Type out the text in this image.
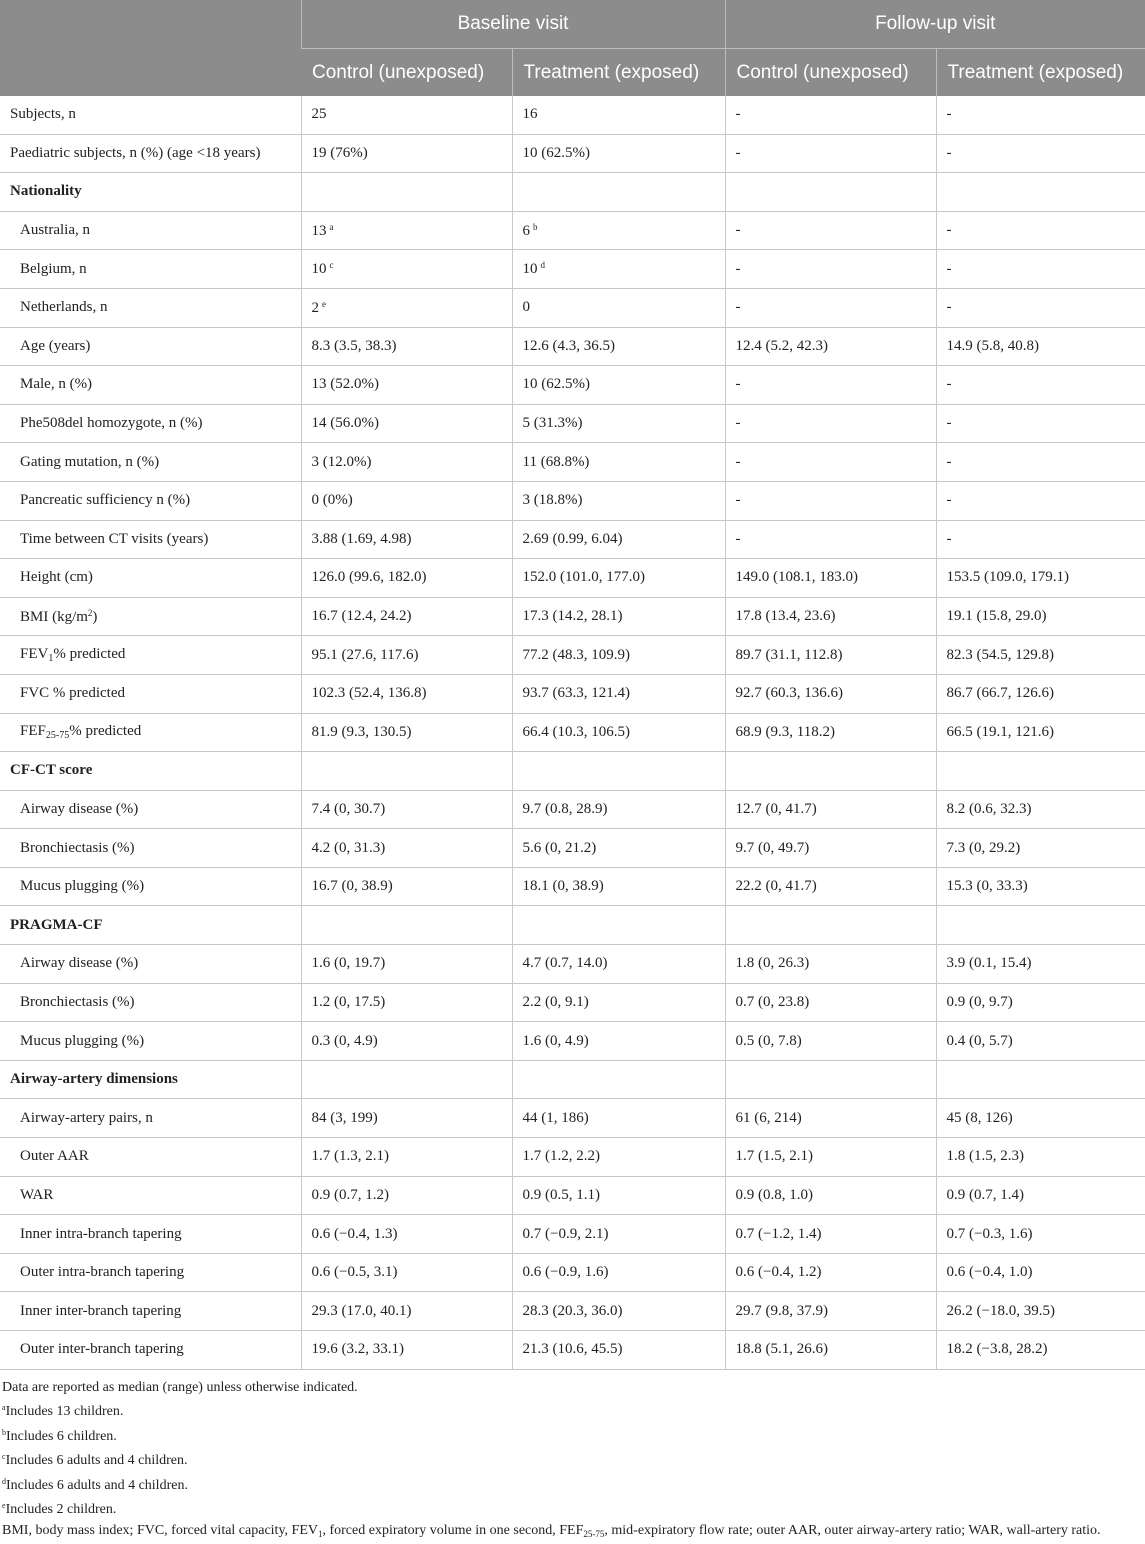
	Baseline visit		Follow-up visit	
	Control (unexposed)	Treatment (exposed)	Control (unexposed)	Treatment (exposed)
Subjects, n	25	16	-	-
Paediatric subjects, n (%) (age <18 years)	19 (76%)	10 (62.5%)	-	-
Nationality				
Australia, n	13 $^a$	6 $^b$	-	-
Belgium, n	10 $^c$	10 $^d$	-	-
Netherlands, n	2 $^e$	0	-	-
Age (years)	8.3 (3.5, 38.3)	12.6 (4.3, 36.5)	12.4 (5.2, 42.3)	14.9 (5.8, 40.8)
Male, n (%)	13 (52.0%)	10 (62.5%)	-	-
Phe508del homozygote, n (%)	14 (56.0%)	5 (31.3%)	-	-
Gating mutation, n (%)	3 (12.0%)	11 (68.8%)	-	-
Pancreatic sufficiency n (%)	0 (0%)	3 (18.8%)	-	-
Time between CT visits (years)	3.88 (1.69, 4.98)	2.69 (0.99, 6.04)	-	-
Height (cm)	126.0 (99.6, 182.0)	152.0 (101.0, 177.0)	149.0 (108.1, 183.0)	153.5 (109.0, 179.1)
BMI $(kg/m^2)$	16.7 (12.4, 24.2)	17.3 (14.2, 28.1)	17.8 (13.4, 23.6)	19.1 (15.8, 29.0)
$FEV_1\%$ predicted	95.1 (27.6, 117.6)	77.2 (48.3, 109.9)	89.7 (31.1, 112.8)	82.3 (54.5, 129.8)
FVC % predicted	102.3 (52.4, 136.8)	93.7 (63.3, 121.4)	92.7 (60.3, 136.6)	86.7 (66.7, 126.6)
$FEF_{25-75}\%$ predicted	81.9 (9.3, 130.5)	66.4 (10.3, 106.5)	68.9 (9.3, 118.2)	66.5 (19.1, 121.6)
CF-CT score				
Airway disease (%)	7.4 (0, 30.7)	9.7 (0.8, 28.9)	12.7 (0, 41.7)	8.2 (0.6, 32.3)
Bronchiectasis (%)	4.2 (0, 31.3)	5.6 (0, 21.2)	9.7 (0, 49.7)	7.3 (0, 29.2)
Mucus plugging (%)	16.7 (0, 38.9)	18.1 (0, 38.9)	22.2 (0, 41.7)	15.3 (0, 33.3)
PRAGMA-CF				
Airway disease (%)	1.6 (0, 19.7)	4.7 (0.7, 14.0)	1.8 (0, 26.3)	3.9 (0.1, 15.4)
Bronchiectasis (%)	1.2 (0, 17.5)	2.2 (0, 9.1)	0.7 (0, 23.8)	0.9 (0, 9.7)
Mucus plugging (%)	0.3 (0, 4.9)	1.6 (0, 4.9)	0.5 (0, 7.8)	0.4 (0, 5.7)
Airway-artery dimensions				
Airway-artery pairs, n	84 (3, 199)	44 (1, 186)	61 (6, 214)	45 (8, 126)
Outer AAR	1.7 (1.3, 2.1)	1.7 (1.2, 2.2)	1.7 (1.5, 2.1)	1.8 (1.5, 2.3)
WAR	0.9 (0.7, 1.2)	0.9 (0.5, 1.1)	0.9 (0.8, 1.0)	0.9 (0.7, 1.4)
Inner intra-branch tapering	0.6 (−0.4, 1.3)	0.7 (−0.9, 2.1)	0.7 (−1.2, 1.4)	0.7 (−0.3, 1.6)
Outer intra-branch tapering	0.6 (−0.5, 3.1)	0.6 (−0.9, 1.6)	0.6 (−0.4, 1.2)	0.6 (−0.4, 1.0)
Inner inter-branch tapering	29.3 (17.0, 40.1)	28.3 (20.3, 36.0)	29.7 (9.8, 37.9)	26.2 (−18.0, 39.5)
Outer inter-branch tapering	19.6 (3.2, 33.1)	21.3 (10.6, 45.5)	18.8 (5.1, 26.6)	18.2 (−3.8, 28.2)

Data are reported as median (range) unless otherwise indicated.

$^a$Includes 13 children.

$^b$Includes 6 children.

$^c$Includes 6 adults and 4 children.

$^d$Includes 6 adults and 4 children.

$^e$Includes 2 children.

BMI, body mass index; FVC, forced vital capacity, $FEV_1$, forced expiratory volume in one second, $FEF_{25-75}$, mid-expiratory flow rate; outer AAR, outer airway-artery ratio; WAR, wall-artery ratio.
